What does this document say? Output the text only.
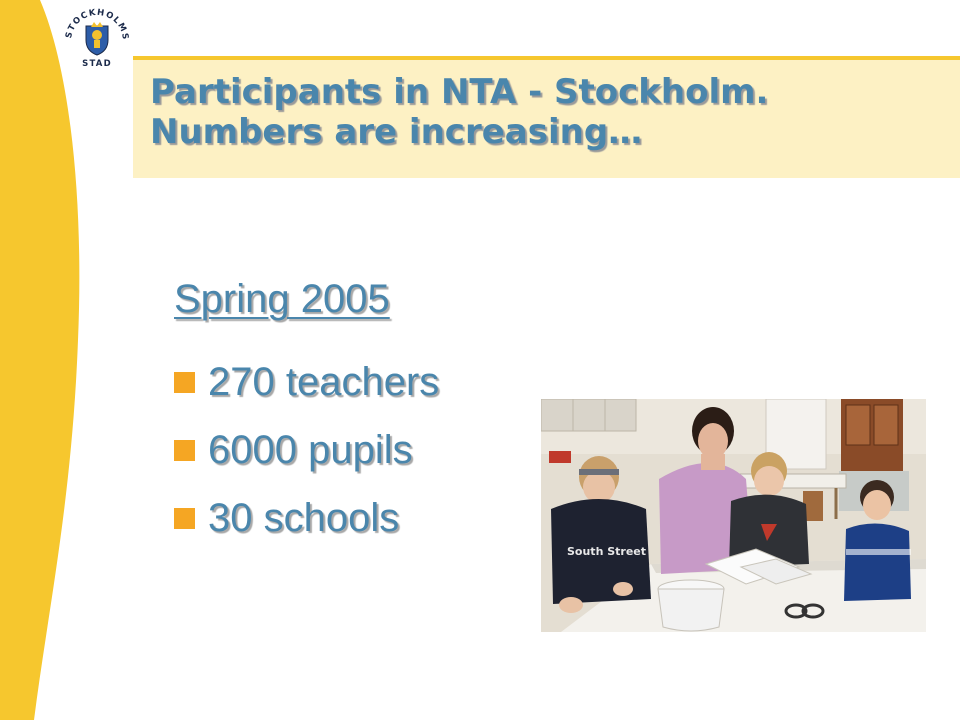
STOCKHOLMS
STAD
Participants in NTA - Stockholm.
Numbers are increasing…
Spring 2005
270 teachers
6000 pupils
30 schools
South Street
